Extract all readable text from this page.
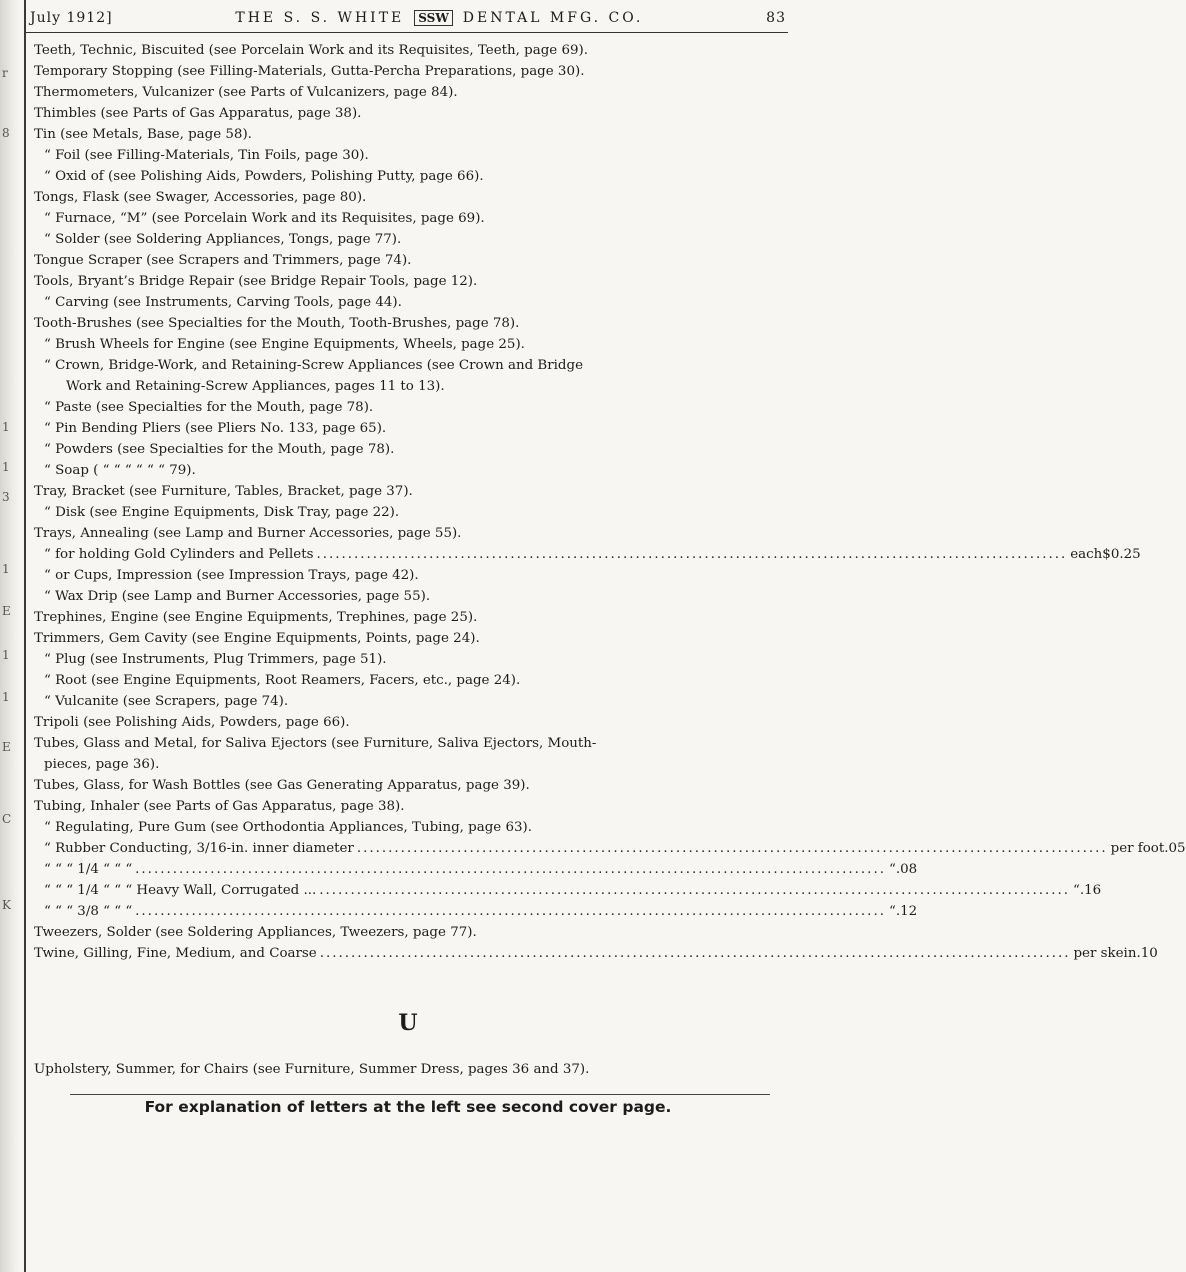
r
8
1
1
3
1
E
1
1
E
C
K
July 1912]	THE S. S. WHITE	SSW DENTAL MFG. CO.	83
Teeth, Technic, Biscuited (see Porcelain Work and its Requisites, Teeth, page 69).
Temporary Stopping (see Filling-Materials, Gutta-Percha Preparations, page 30).
Thermometers, Vulcanizer (see Parts of Vulcanizers, page 84).
Thimbles (see Parts of Gas Apparatus, page 38).
Tin (see Metals, Base, page 58).
“ Foil (see Filling-Materials, Tin Foils, page 30).
“ Oxid of (see Polishing Aids, Powders, Polishing Putty, page 66).
Tongs, Flask (see Swager, Accessories, page 80).
“ Furnace, “M” (see Porcelain Work and its Requisites, page 69).
“ Solder (see Soldering Appliances, Tongs, page 77).
Tongue Scraper (see Scrapers and Trimmers, page 74).
Tools, Bryant’s Bridge Repair (see Bridge Repair Tools, page 12).
“ Carving (see Instruments, Carving Tools, page 44).
Tooth-Brushes (see Specialties for the Mouth, Tooth-Brushes, page 78).
“ Brush Wheels for Engine (see Engine Equipments, Wheels, page 25).
“ Crown, Bridge-Work, and Retaining-Screw Appliances (see Crown and Bridge
Work and Retaining-Screw Appliances, pages 11 to 13).
“ Paste (see Specialties for the Mouth, page 78).
“ Pin Bending Pliers (see Pliers No. 133, page 65).
“ Powders (see Specialties for the Mouth, page 78).
“ Soap ( “ “ “ “ “ “ 79).
Tray, Bracket (see Furniture, Tables, Bracket, page 37).
“ Disk (see Engine Equipments, Disk Tray, page 22).
Trays, Annealing (see Lamp and Burner Accessories, page 55).
“ for holding Gold Cylinders and Pellets ........................................................................................................................ each $0.25
“ or Cups, Impression (see Impression Trays, page 42).
“ Wax Drip (see Lamp and Burner Accessories, page 55).
Trephines, Engine (see Engine Equipments, Trephines, page 25).
Trimmers, Gem Cavity (see Engine Equipments, Points, page 24).
“ Plug (see Instruments, Plug Trimmers, page 51).
“ Root (see Engine Equipments, Root Reamers, Facers, etc., page 24).
“ Vulcanite (see Scrapers, page 74).
Tripoli (see Polishing Aids, Powders, page 66).
Tubes, Glass and Metal, for Saliva Ejectors (see Furniture, Saliva Ejectors, Mouth-
pieces, page 36).
Tubes, Glass, for Wash Bottles (see Gas Generating Apparatus, page 39).
Tubing, Inhaler (see Parts of Gas Apparatus, page 38).
“ Regulating, Pure Gum (see Orthodontia Appliances, Tubing, page 63).
“ Rubber Conducting, 3/16-in. inner diameter ........................................................................................................................ per foot .05
“ “ “ 1/4 “ “ “ ........................................................................................................................ “ .08
“ “ “ 1/4 “ “ “ Heavy Wall, Corrugated ... ........................................................................................................................ “ .16
“ “ “ 3/8 “ “ “ ........................................................................................................................ “ .12
Tweezers, Solder (see Soldering Appliances, Tweezers, page 77).
Twine, Gilling, Fine, Medium, and Coarse ........................................................................................................................ per skein .10
U
Upholstery, Summer, for Chairs (see Furniture, Summer Dress, pages 36 and 37).
For explanation of letters at the left see second cover page.
